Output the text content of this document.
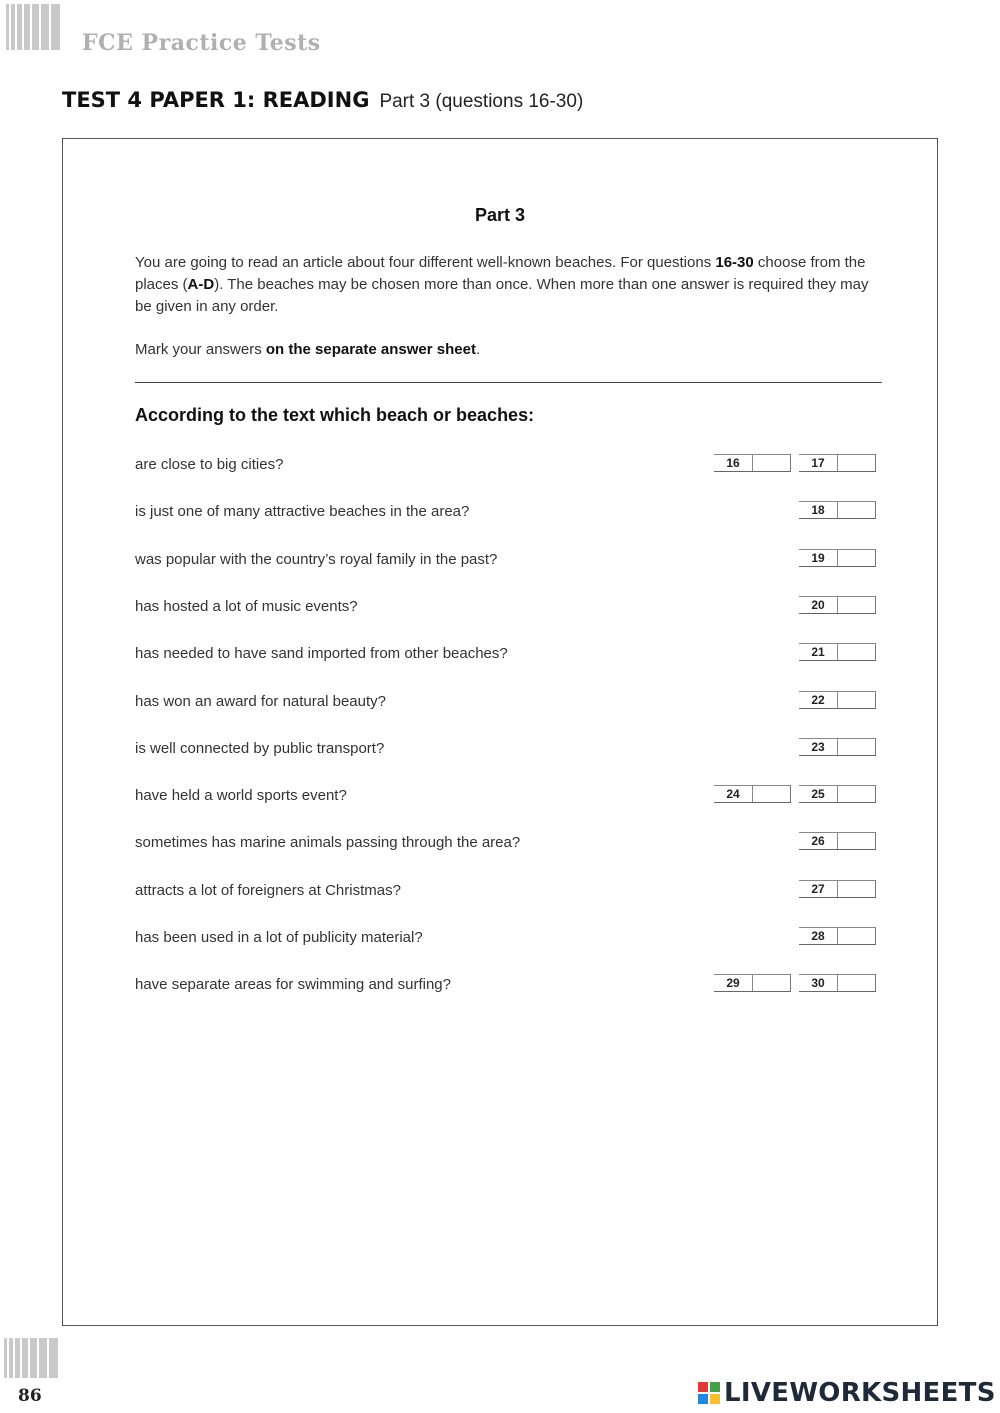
FCE Practice Tests
TEST 4 PAPER 1: READING Part 3 (questions 16-30)
Part 3
You are going to read an article about four different well-known beaches. For questions 16-30 choose from the places (A-D). The beaches may be chosen more than once. When more than one answer is required they may be given in any order.
Mark your answers on the separate answer sheet.
According to the text which beach or beaches:
are close to big cities?	16	17
is just one of many attractive beaches in the area?	18
was popular with the country’s royal family in the past?	19
has hosted a lot of music events?	20
has needed to have sand imported from other beaches?	21
has won an award for natural beauty?	22
is well connected by public transport?	23
have held a world sports event?	24	25
sometimes has marine animals passing through the area?	26
attracts a lot of foreigners at Christmas?	27
has been used in a lot of publicity material?	28
have separate areas for swimming and surfing?	29	30
86	LIVEWORKSHEETS
